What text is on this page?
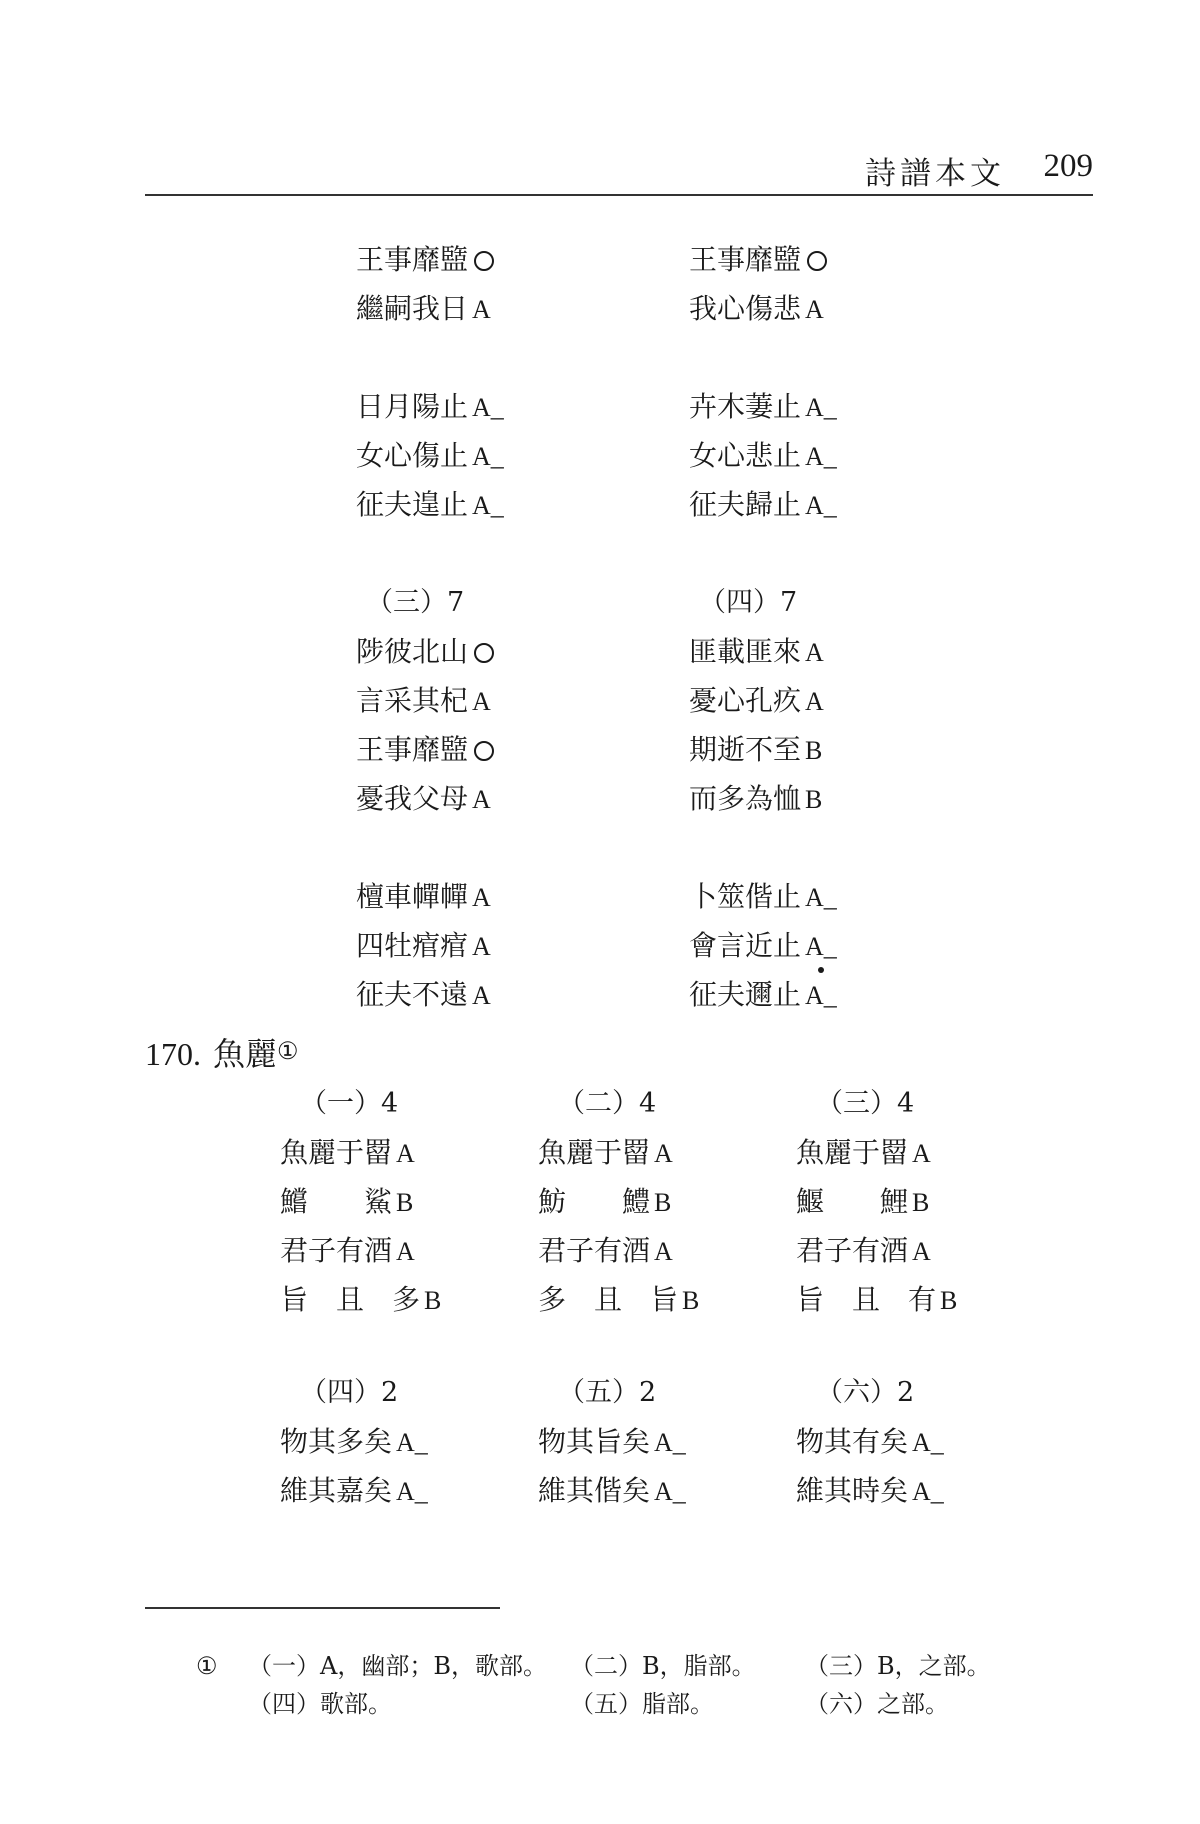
詩譜本文 209
王事靡盬
繼嗣我日 A
日月陽止 A_
女心傷止 A_
征夫遑止 A_
（三）7
陟彼北山
言采其杞 A
王事靡盬
憂我父母 A
檀車幝幝 A
四牡痯痯 A
征夫不遠 A
王事靡盬
我心傷悲 A
卉木萋止 A_
女心悲止 A_
征夫歸止 A_
（四）7
匪載匪來 A
憂心孔疚 A
期逝不至 B
而多為恤 B
卜筮偕止 A_
會言近止 A_
征夫邇止 A_
170. 魚麗①
（一）4
魚麗于罶 A
鱨　　鯊 B
君子有酒 A
旨　且　多 B
（二）4
魚麗于罶 A
魴　　鱧 B
君子有酒 A
多　且　旨 B
（三）4
魚麗于罶 A
鰋　　鯉 B
君子有酒 A
旨　且　有 B
（四）2
物其多矣 A_
維其嘉矣 A_
（五）2
物其旨矣 A_
維其偕矣 A_
（六）2
物其有矣 A_
維其時矣 A_
① （一）A，幽部；B，歌部。 （二）B，脂部。 （三）B，之部。
（四）歌部。	（五）脂部。	（六）之部。
